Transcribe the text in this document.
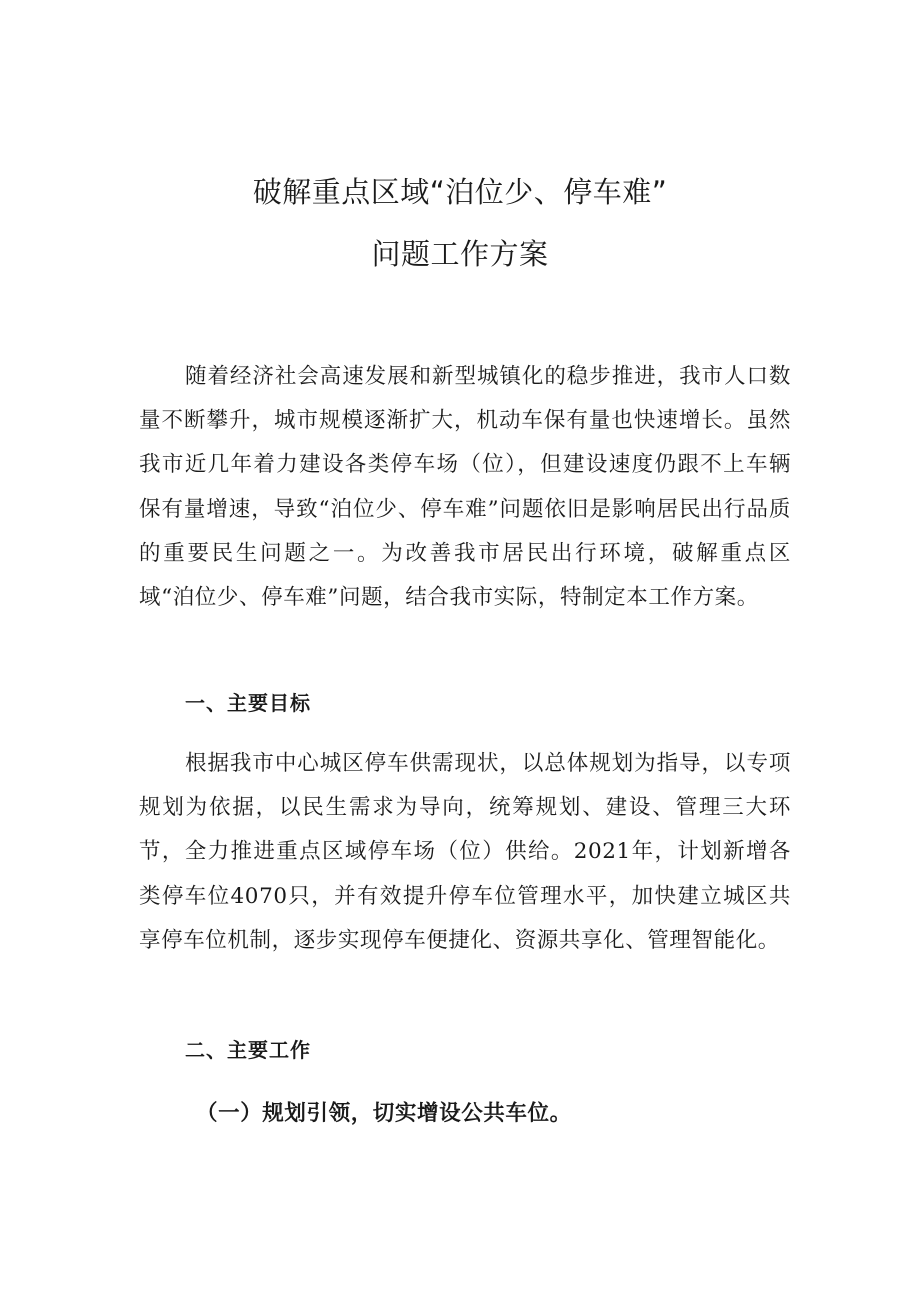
破解重点区域“泊位少、停车难”
问题工作方案

随着经济社会高速发展和新型城镇化的稳步推进，我市人口数量不断攀升，城市规模逐渐扩大，机动车保有量也快速增长。虽然我市近几年着力建设各类停车场（位），但建设速度仍跟不上车辆保有量增速，导致“泊位少、停车难”问题依旧是影响居民出行品质的重要民生问题之一。为改善我市居民出行环境，破解重点区域“泊位少、停车难”问题，结合我市实际，特制定本工作方案。

一、主要目标

根据我市中心城区停车供需现状，以总体规划为指导，以专项规划为依据，以民生需求为导向，统筹规划、建设、管理三大环节，全力推进重点区域停车场（位）供给。2021年，计划新增各类停车位4070只，并有效提升停车位管理水平，加快建立城区共享停车位机制，逐步实现停车便捷化、资源共享化、管理智能化。

二、主要工作
（一）规划引领，切实增设公共车位。
